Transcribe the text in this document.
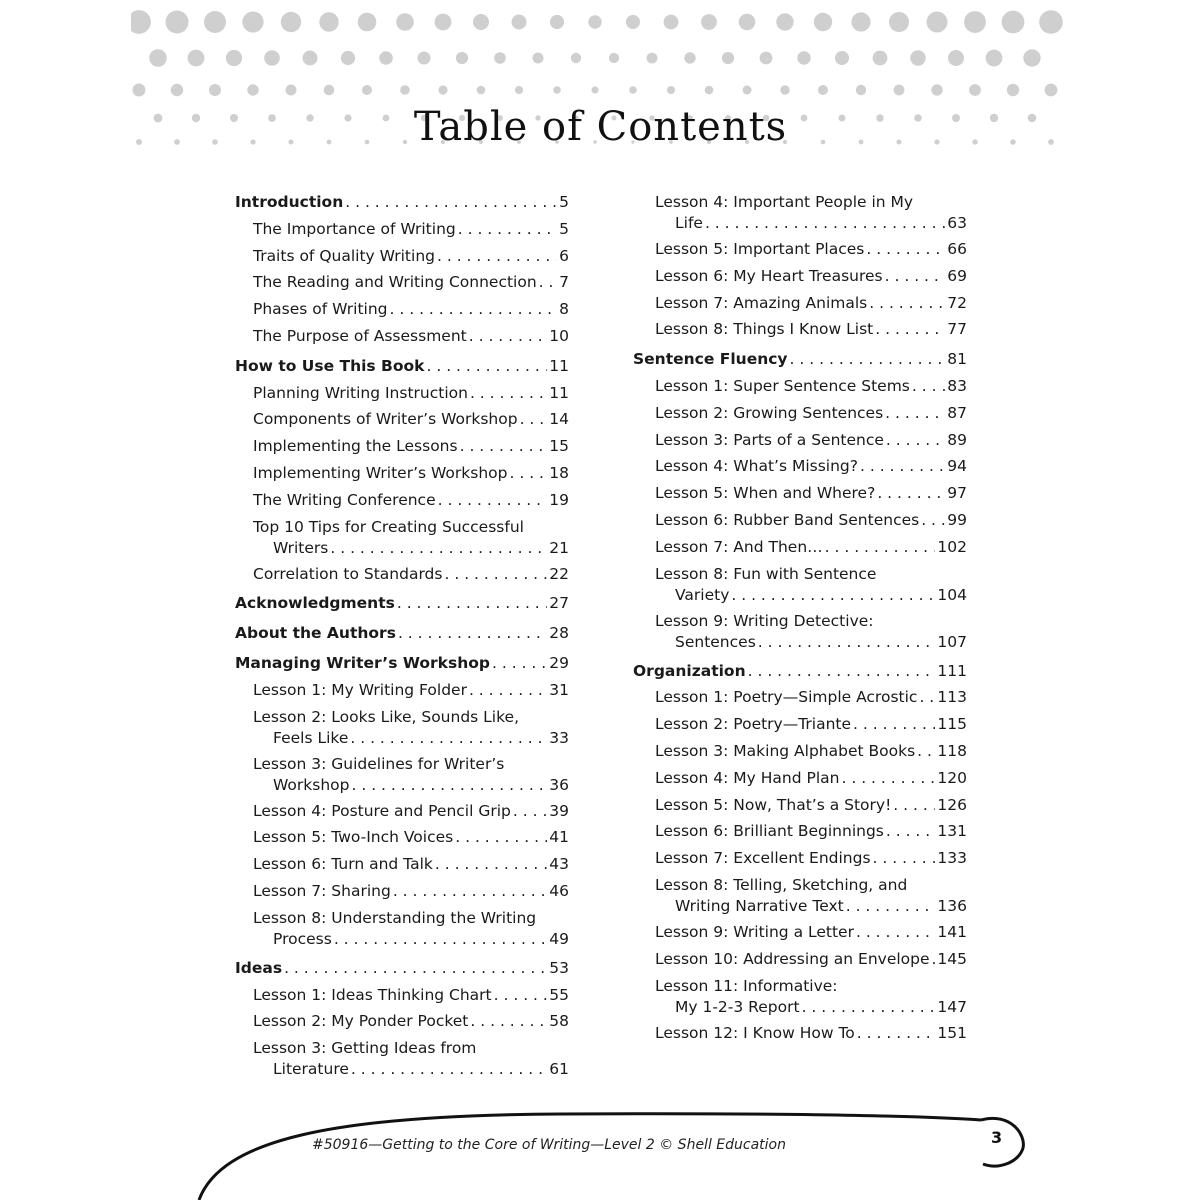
Table of Contents
Introduction . . .	5
The Importance of Writing . . .	5
Traits of Quality Writing . . .	6
The Reading and Writing Connection . . . 7
Phases of Writing . . .	8
The Purpose of Assessment . . .	10
How to Use This Book . . .	11
Planning Writing Instruction . . .	11
Components of Writer’s Workshop . . . 14
Implementing the Lessons . . .	15
Implementing Writer’s Workshop . . .	18
The Writing Conference . . .	19
Top 10 Tips for Creating Successful
Writers . . .	21
Correlation to Standards . . .	22
Acknowledgments . . .	27
About the Authors . . .	28
Managing Writer’s Workshop . . .	29
Lesson 1: My Writing Folder . . .	31
Lesson 2: Looks Like, Sounds Like,
Feels Like . . .	33
Lesson 3: Guidelines for Writer’s
Workshop . . .	36
Lesson 4: Posture and Pencil Grip . . . 39
Lesson 5: Two-Inch Voices . . .	41
Lesson 6: Turn and Talk . . .	43
Lesson 7: Sharing . . .	46
Lesson 8: Understanding the Writing
Process . . .	49
Ideas . . .	53
Lesson 1: Ideas Thinking Chart . . .	55
Lesson 2: My Ponder Pocket . . .	58
Lesson 3: Getting Ideas from
Literature . . .	61
Lesson 4: Important People in My
Life . . .	63
Lesson 5: Important Places . . .	66
Lesson 6: My Heart Treasures . . .	69
Lesson 7: Amazing Animals . . .	72
Lesson 8: Things I Know List . . .	77
Sentence Fluency . . .	81
Lesson 1: Super Sentence Stems . . . 83
Lesson 2: Growing Sentences . . .	87
Lesson 3: Parts of a Sentence . . .	89
Lesson 4: What’s Missing? . . .	94
Lesson 5: When and Where? . . .	97
Lesson 6: Rubber Band Sentences . . . 99
Lesson 7: And Then… . . .	102
Lesson 8: Fun with Sentence
Variety . . .	104
Lesson 9: Writing Detective:
Sentences . . .	107
Organization . . .	111
Lesson 1: Poetry—Simple Acrostic . . . 113
Lesson 2: Poetry—Triante . . .	115
Lesson 3: Making Alphabet Books . . . 118
Lesson 4: My Hand Plan . . .	120
Lesson 5: Now, That’s a Story! . . .	126
Lesson 6: Brilliant Beginnings . . .	131
Lesson 7: Excellent Endings . . .	133
Lesson 8: Telling, Sketching, and
Writing Narrative Text . . .	136
Lesson 9: Writing a Letter . . .	141
Lesson 10: Addressing an Envelope . . . 145
Lesson 11: Informative:
My 1-2-3 Report . . .	147
Lesson 12: I Know How To . . .	151
#50916—Getting to the Core of Writing—Level 2 © Shell Education	3
